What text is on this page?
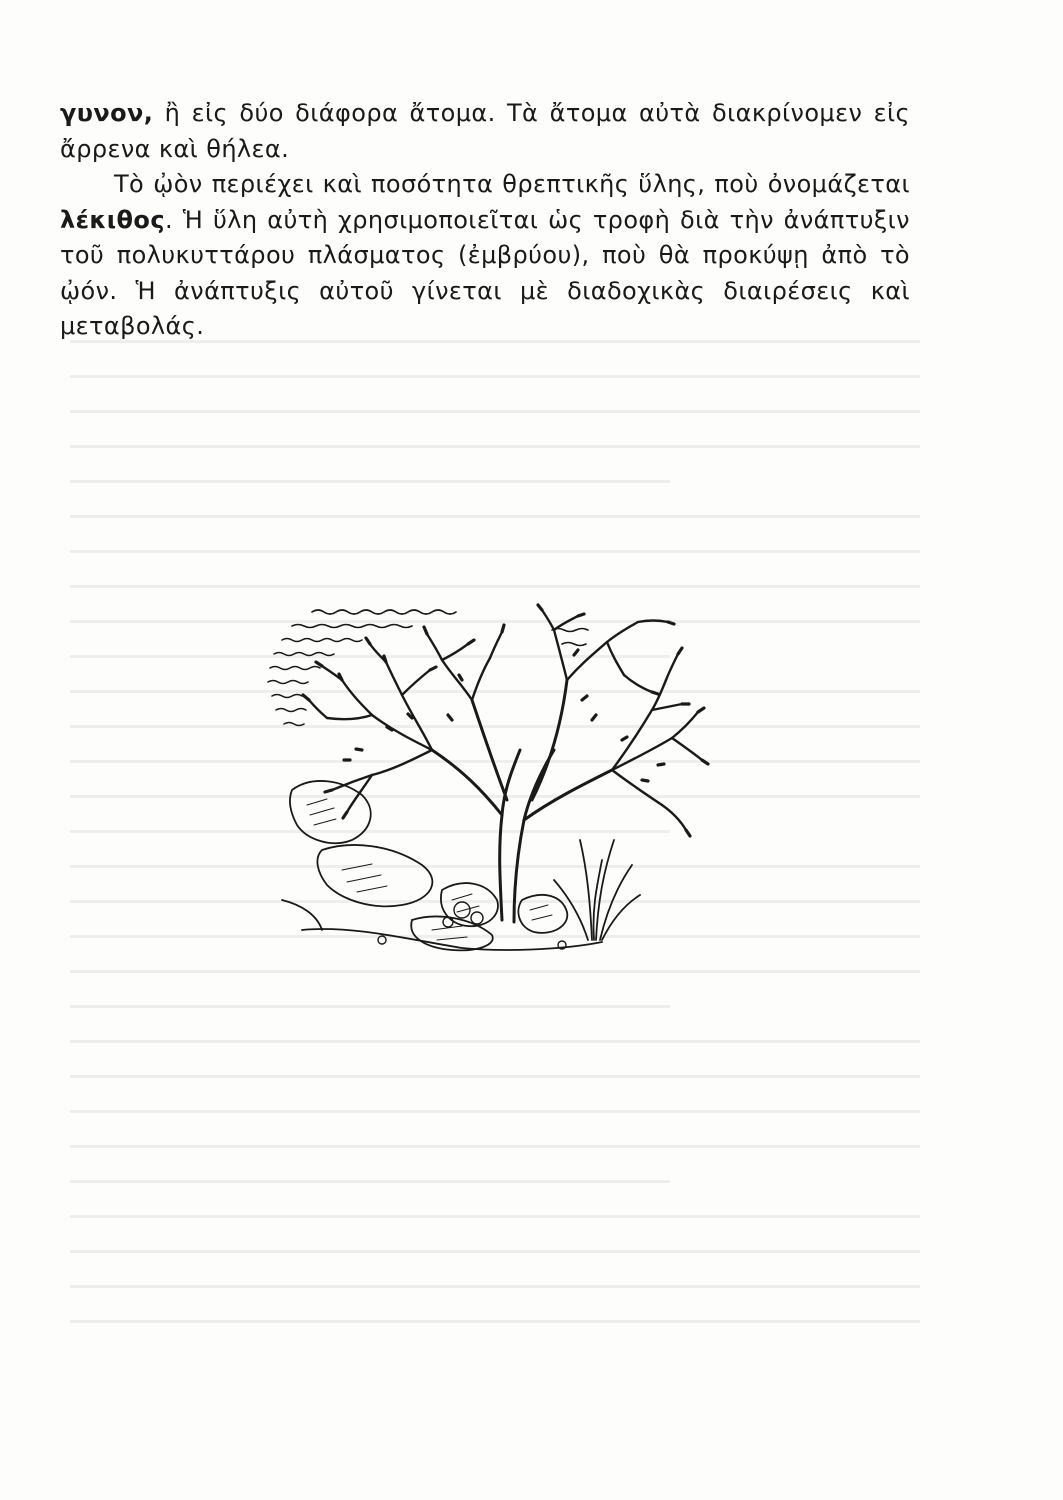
γυνον, ἢ εἰς δύο διάφορα ἄτομα. Τὰ ἄτομα αὐτὰ διακρίνομεν εἰς ἄρρενα καὶ θήλεα.

Τὸ ᾠὸν περιέχει καὶ ποσότητα θρεπτικῆς ὕλης, ποὺ ὀνομάζεται λέκιθος. Ἡ ὕλη αὐτὴ χρησιμοποιεῖται ὡς τροφὴ διὰ τὴν ἀνάπτυξιν τοῦ πολυκυττάρου πλάσματος (ἐμβρύου), ποὺ θὰ προκύψῃ ἀπὸ τὸ ᾠόν. Ἡ ἀνάπτυξις αὐτοῦ γίνεται μὲ διαδοχικὰς διαιρέσεις καὶ μεταβολάς.
